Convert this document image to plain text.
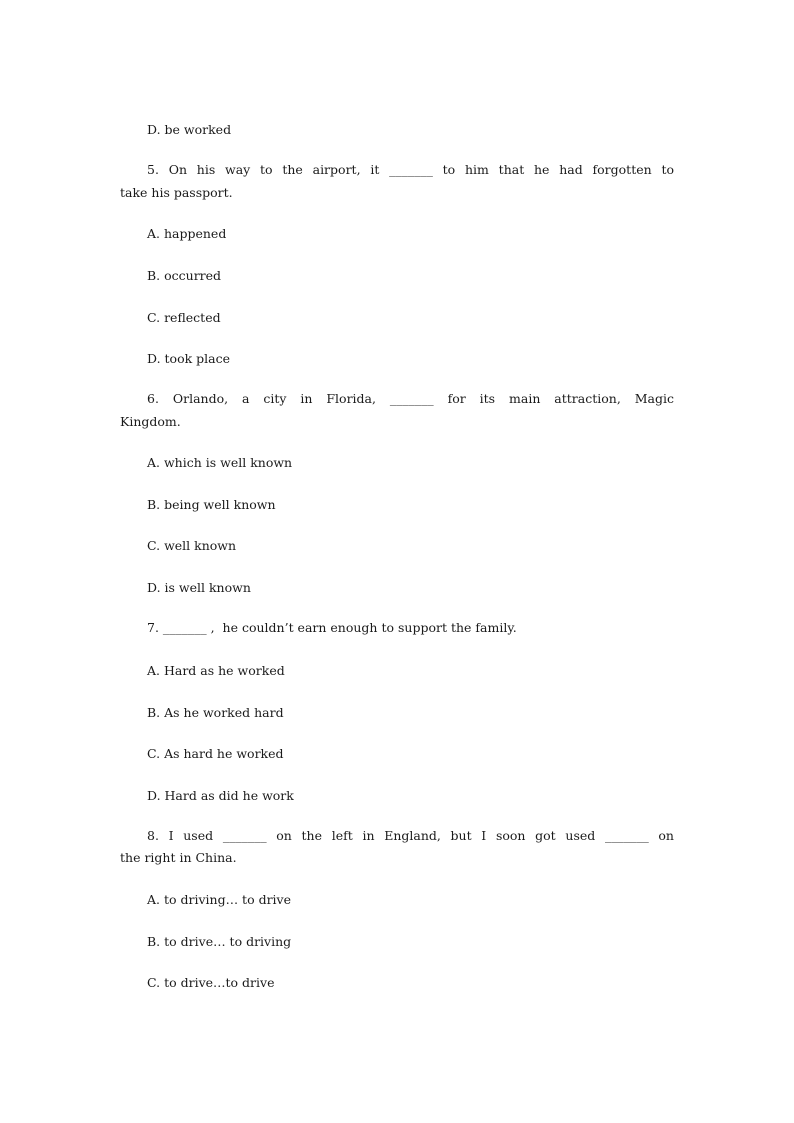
D. be worked
5. On his way to the airport, it _______ to him that he had forgotten to
take his passport.
A. happened
B. occurred
C. reflected
D. took place
6. Orlando, a city in Florida, _______ for its main attraction, Magic
Kingdom.
A. which is well known
B. being well known
C. well known
D. is well known
7. _______ ,  he couldn’t earn enough to support the family.
A. Hard as he worked
B. As he worked hard
C. As hard he worked
D. Hard as did he work
8. I used _______ on the left in England, but I soon got used _______ on
the right in China.
A. to driving… to drive
B. to drive… to driving
C. to drive…to drive
